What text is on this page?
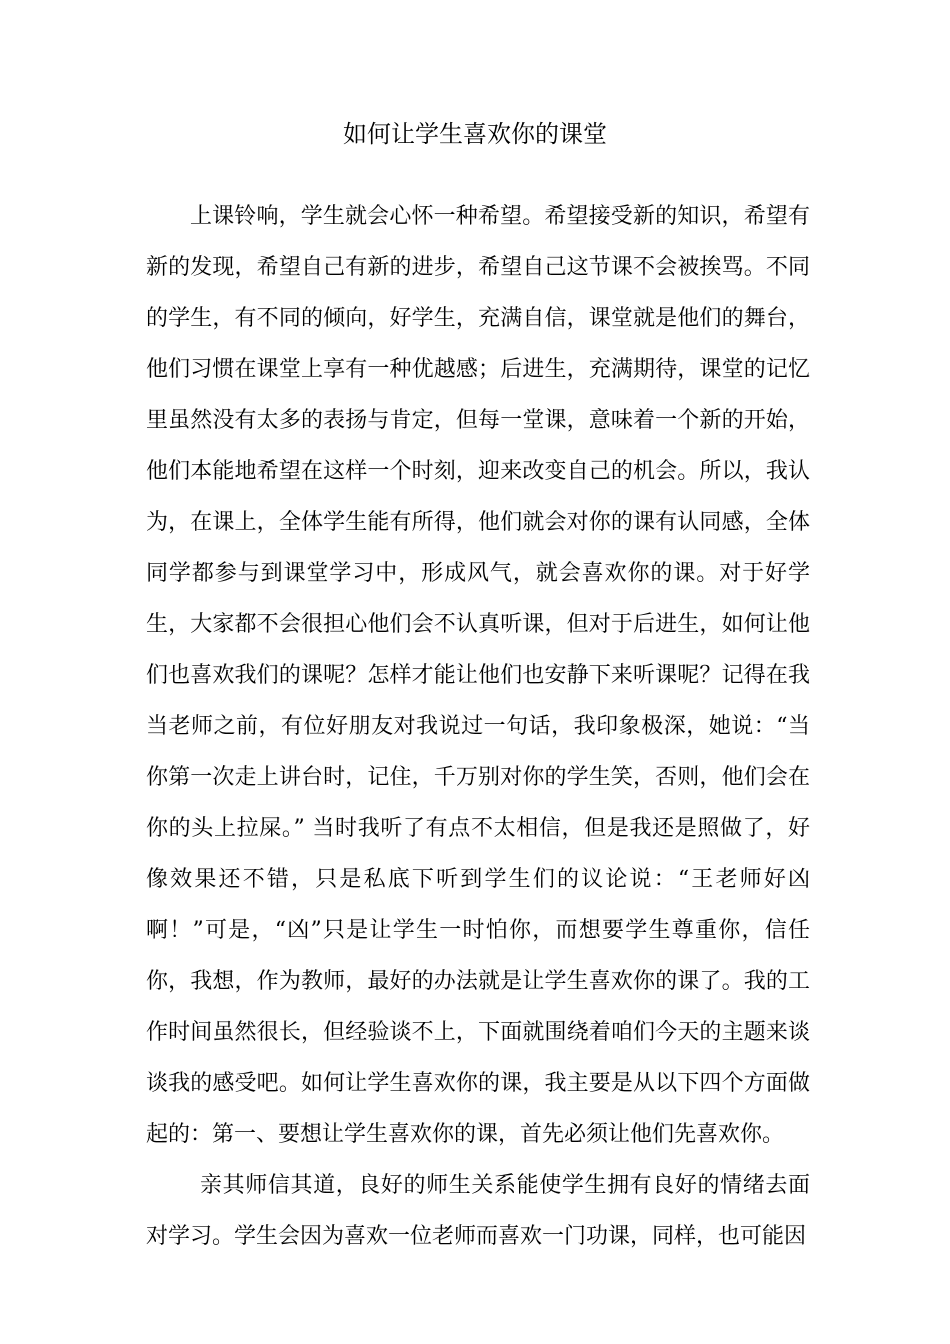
如何让学生喜欢你的课堂

上课铃响，学生就会心怀一种希望。希望接受新的知识，希望有新的发现，希望自己有新的进步，希望自己这节课不会被挨骂。不同的学生，有不同的倾向，好学生，充满自信，课堂就是他们的舞台，他们习惯在课堂上享有一种优越感；后进生，充满期待，课堂的记忆里虽然没有太多的表扬与肯定，但每一堂课，意味着一个新的开始，他们本能地希望在这样一个时刻，迎来改变自己的机会。所以，我认为，在课上，全体学生能有所得，他们就会对你的课有认同感，全体同学都参与到课堂学习中，形成风气，就会喜欢你的课。对于好学生，大家都不会很担心他们会不认真听课，但对于后进生，如何让他们也喜欢我们的课呢？怎样才能让他们也安静下来听课呢？记得在我当老师之前，有位好朋友对我说过一句话，我印象极深，她说：“当你第一次走上讲台时，记住，千万别对你的学生笑，否则，他们会在你的头上拉屎。” 当时我听了有点不太相信，但是我还是照做了，好像效果还不错，只是私底下听到学生们的议论说：“王老师好凶啊！”可是，“凶”只是让学生一时怕你，而想要学生尊重你，信任你，我想，作为教师，最好的办法就是让学生喜欢你的课了。我的工作时间虽然很长，但经验谈不上，下面就围绕着咱们今天的主题来谈谈我的感受吧。如何让学生喜欢你的课，我主要是从以下四个方面做起的：第一、要想让学生喜欢你的课，首先必须让他们先喜欢你。

亲其师信其道，良好的师生关系能使学生拥有良好的情绪去面对学习。学生会因为喜欢一位老师而喜欢一门功课，同样，也可能因
